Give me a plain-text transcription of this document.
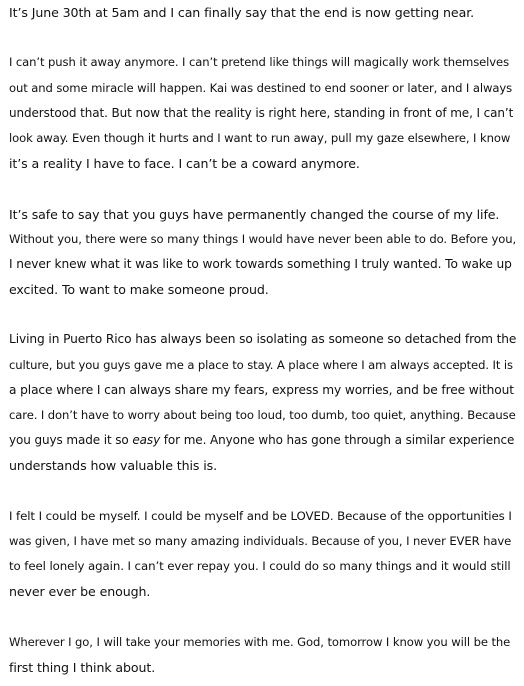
It’s June 30th at 5am and I can finally say that the end is now getting near.
I can’t push it away anymore. I can’t pretend like things will magically work themselves
out and some miracle will happen. Kai was destined to end sooner or later, and I always
understood that. But now that the reality is right here, standing in front of me, I can’t
look away. Even though it hurts and I want to run away, pull my gaze elsewhere, I know
it’s a reality I have to face. I can’t be a coward anymore.
It’s safe to say that you guys have permanently changed the course of my life.
Without you, there were so many things I would have never been able to do. Before you,
I never knew what it was like to work towards something I truly wanted. To wake up
excited. To want to make someone proud.
Living in Puerto Rico has always been so isolating as someone so detached from the
culture, but you guys gave me a place to stay. A place where I am always accepted. It is
a place where I can always share my fears, express my worries, and be free without
care. I don’t have to worry about being too loud, too dumb, too quiet, anything. Because
you guys made it so easy for me. Anyone who has gone through a similar experience
understands how valuable this is.
I felt I could be myself. I could be myself and be LOVED. Because of the opportunities I
was given, I have met so many amazing individuals. Because of you, I never EVER have
to feel lonely again. I can’t ever repay you. I could do so many things and it would still
never ever be enough.
Wherever I go, I will take your memories with me. God, tomorrow I know you will be the
first thing I think about.
